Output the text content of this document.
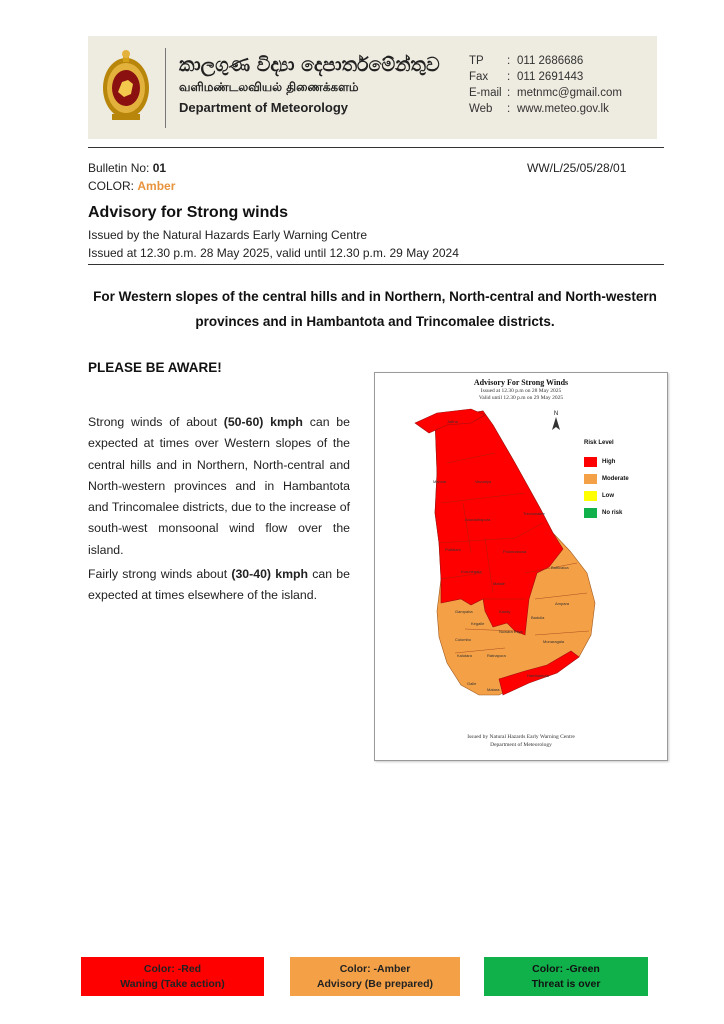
කාලගුණ විද්‍යා දෙපාර්තමේන්තුව
வளிமண்டலவியல் திணைக்களம்
Department of Meteorology
TP	: 011 2686686
Fax	: 011 2691443
E-mail : metnmc@gmail.com
Web	: www.meteo.gov.lk
Bulletin No: 01
COLOR: Amber
WW/L/25/05/28/01
Advisory for Strong winds
Issued by the Natural Hazards Early Warning Centre
Issued at 12.30 p.m. 28 May 2025, valid until 12.30 p.m. 29 May 2024
For Western slopes of the central hills and in Northern, North-central and North-western provinces and in Hambantota and Trincomalee districts.
PLEASE BE AWARE!

Strong winds of about (50-60) kmph can be expected at times over Western slopes of the central hills and in Northern, North-central and North-western provinces and in Hambantota and Trincomalee districts, due to the increase of south-west monsoonal wind flow over the island.

Fairly strong winds about (30-40) kmph can be expected at times elsewhere of the island.

Advisory For Strong Winds
Issued at 12.30 p.m on 28 May 2025
Valid until 12.30 p.m on 29 May 2025
N
Jaffna
Mannar	Vavuniya
Anuradhapura
Trincomalee
Puttalam
Kurunegala
Polonnaruwa
Batticaloa
Matale
Gampaha
Kegalle
Kandy
Colombo
Ampara
Nuwara Eliya
Badulla
Kalutara	Ratnapura
Monaragala
Galle
Matara
Hambantota
Risk Level
High
Moderate
Low
No risk
Issued by Natural Hazards Early Warning Centre
Department of Meteorology
Color: -Red
Waning (Take action)
Color: -Amber
Advisory (Be prepared)
Color: -Green
Threat is over
